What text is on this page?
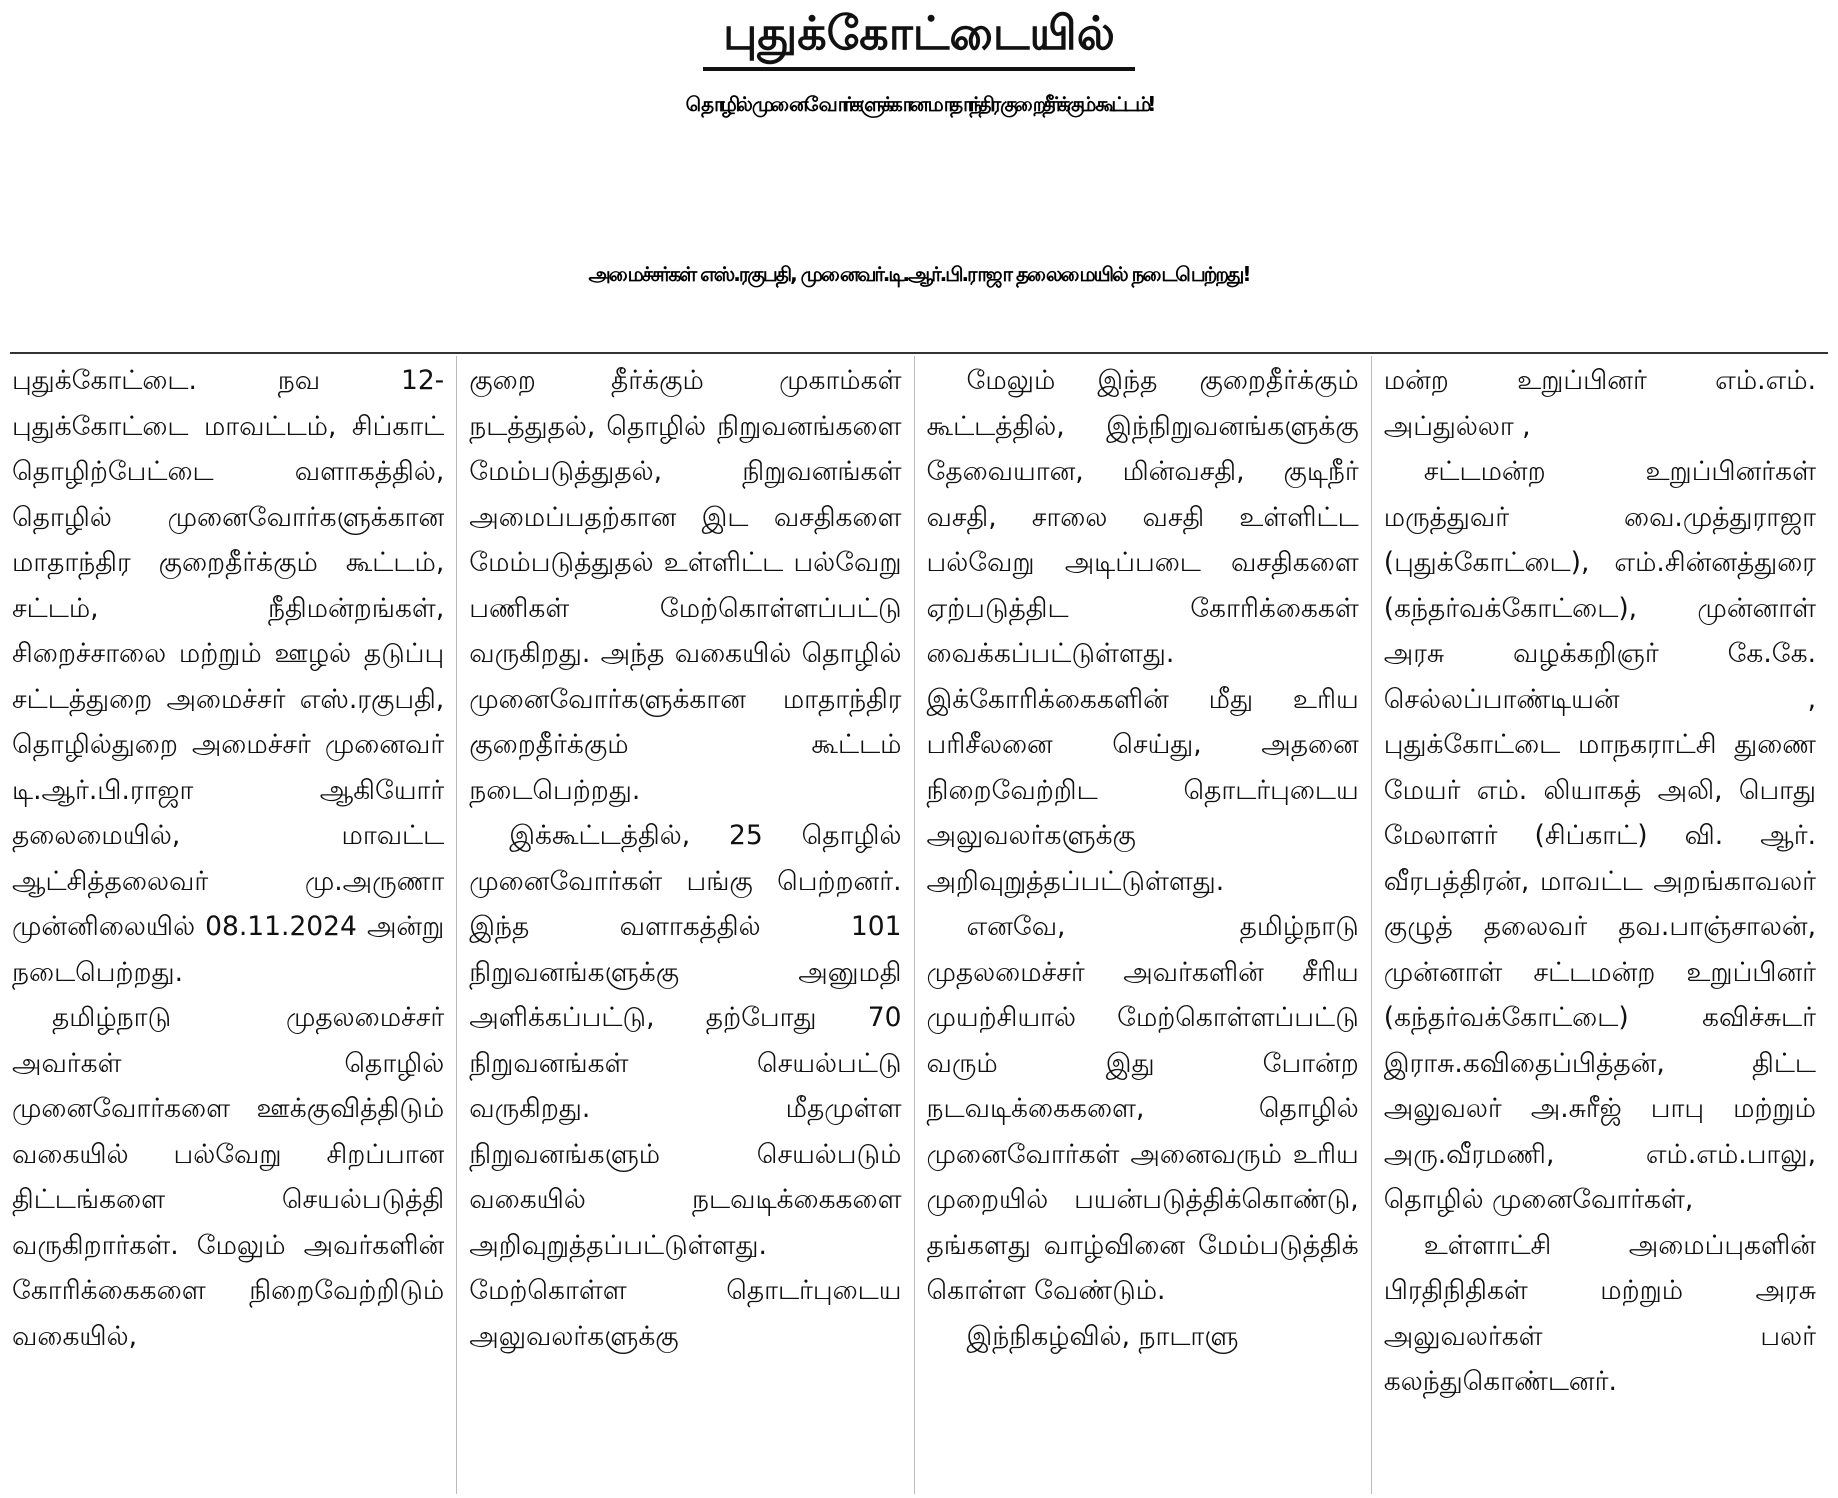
புதுக்கோட்டையில்
தொழில் முனைவோர்களுக்கான மாதாந்திர குறைதீர்க்கும் கூட்டம்!
அமைச்சர்கள் எஸ்.ரகுபதி, முனைவர்.டி.ஆர்.பி.ராஜா தலைமையில் நடைபெற்றது!

புதுக்கோட்டை. நவ 12- புதுக்கோட்டை மாவட்டம், சிப்காட் தொழிற்பேட்டை வளாகத்தில், தொழில் முனைவோர்களுக்கான மாதாந்திர குறைதீர்க்கும் கூட்டம், சட்டம், நீதிமன்றங்கள், சிறைச்சாலை மற்றும் ஊழல் தடுப்பு சட்டத்துறை அமைச்சர் எஸ்.ரகுபதி, தொழில்துறை அமைச்சர் முனைவர் டி.ஆர்.பி.ராஜா ஆகியோர் தலைமையில், மாவட்ட ஆட்சித்தலைவர் மு.அருணா முன்னிலையில் 08.11.2024 அன்று நடைபெற்றது.

தமிழ்நாடு முதலமைச்சர் அவர்கள் தொழில் முனைவோர்களை ஊக்குவித்திடும் வகையில் பல்வேறு சிறப்பான திட்டங்களை செயல்படுத்தி வருகிறார்கள். மேலும் அவர்களின் கோரிக்கைகளை நிறைவேற்றிடும் வகையில்,

குறை தீர்க்கும் முகாம்கள் நடத்துதல், தொழில் நிறுவனங்களை மேம்படுத்துதல், நிறுவனங்கள் அமைப்பதற்கான இட வசதிகளை மேம்படுத்துதல் உள்ளிட்ட பல்வேறு பணிகள் மேற்கொள்ளப்பட்டு வருகிறது. அந்த வகையில் தொழில் முனைவோர்களுக்கான மாதாந்திர குறைதீர்க்கும் கூட்டம் நடைபெற்றது.

இக்கூட்டத்தில், 25 தொழில் முனைவோர்கள் பங்கு பெற்றனர். இந்த வளாகத்தில் 101 நிறுவனங்களுக்கு அனுமதி அளிக்கப்பட்டு, தற்போது 70 நிறுவனங்கள் செயல்பட்டு வருகிறது. மீதமுள்ள நிறுவனங்களும் செயல்படும் வகையில் நடவடிக்கைகளை அறிவுறுத்தப்பட்டுள்ளது. மேற்கொள்ள தொடர்புடைய அலுவலர்களுக்கு

மேலும் இந்த குறைதீர்க்கும் கூட்டத்தில், இந்நிறுவனங்களுக்கு தேவையான, மின்வசதி, குடிநீர் வசதி, சாலை வசதி உள்ளிட்ட பல்வேறு அடிப்படை வசதிகளை ஏற்படுத்திட கோரிக்கைகள் வைக்கப்பட்டுள்ளது. இக்கோரிக்கைகளின் மீது உரிய பரிசீலனை செய்து, அதனை நிறைவேற்றிட தொடர்புடைய அலுவலர்களுக்கு அறிவுறுத்தப்பட்டுள்ளது.

எனவே, தமிழ்நாடு முதலமைச்சர் அவர்களின் சீரிய முயற்சியால் மேற்கொள்ளப்பட்டு வரும் இது போன்ற நடவடிக்கைகளை, தொழில் முனைவோர்கள் அனைவரும் உரிய முறையில் பயன்படுத்திக்கொண்டு, தங்களது வாழ்வினை மேம்படுத்திக் கொள்ள வேண்டும்.

இந்நிகழ்வில், நாடாளு

மன்ற உறுப்பினர் எம்.எம். அப்துல்லா ,

சட்டமன்ற உறுப்பினர்கள் மருத்துவர் வை.முத்துராஜா (புதுக்கோட்டை), எம்.சின்னத்துரை (கந்தர்வக்கோட்டை), முன்னாள் அரசு வழக்கறிஞர் கே.கே. செல்லப்பாண்டியன் , புதுக்கோட்டை மாநகராட்சி துணை மேயர் எம். லியாகத் அலி, பொது மேலாளர் (சிப்காட்) வி. ஆர். வீரபத்திரன், மாவட்ட அறங்காவலர் குழுத் தலைவர் தவ.பாஞ்சாலன், முன்னாள் சட்டமன்ற உறுப்பினர் (கந்தர்வக்கோட்டை) கவிச்சுடர் இராசு.கவிதைப்பித்தன், திட்ட அலுவலர் அ.சுரீஜ் பாபு மற்றும் அரு.வீரமணி, எம்.எம்.பாலு, தொழில் முனைவோர்கள்,

உள்ளாட்சி அமைப்புகளின் பிரதிநிதிகள் மற்றும் அரசு அலுவலர்கள் பலர் கலந்துகொண்டனர்.
